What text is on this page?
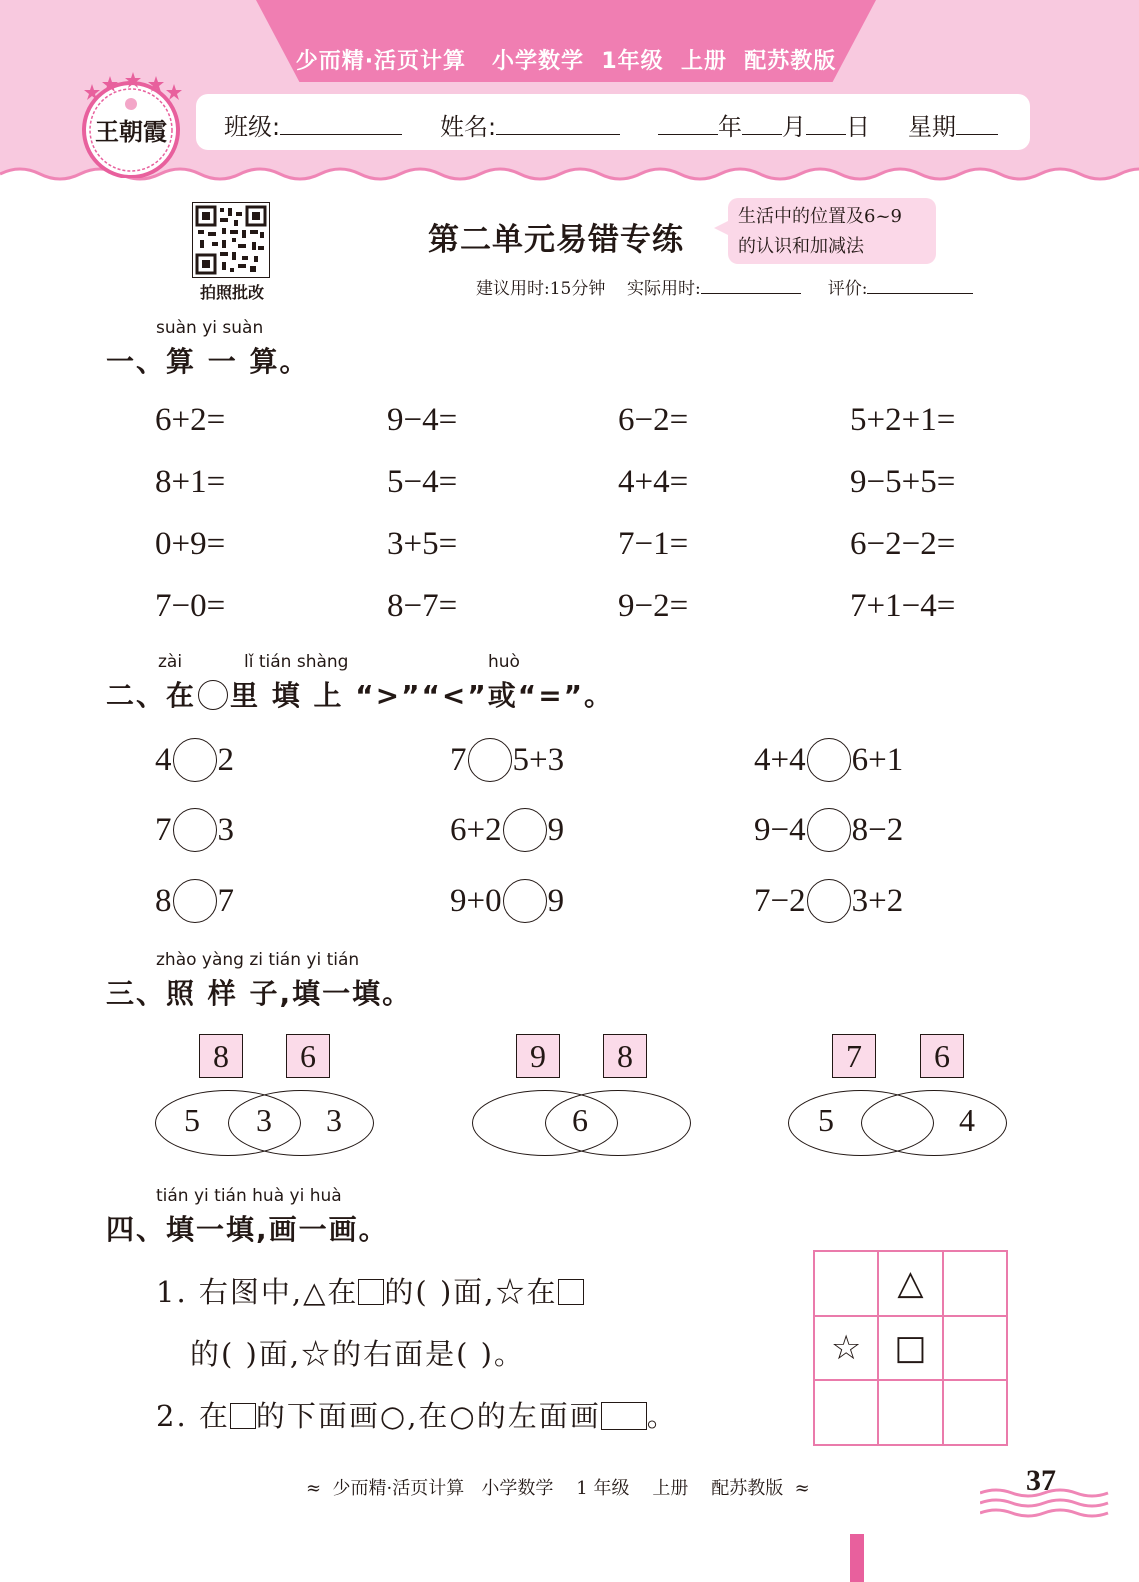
少而精·活页计算   小学数学  1年级  上册  配苏教版
班级:	姓名:	年 月 日 星期
王朝霞
拍照批改
第二单元易错专练
生活中的位置及6~9
的认识和加减法
建议用时:15分钟 实际用时:	评价:
suàn yi suàn
一、算 一 算。
6+2=	9−4=	6−2=	5+2+1=
8+1=	5−4=	4+4=	9−5+5=
0+9=	3+5=	7−1=	6−2−2=
7−0=	8−7=	9−2=	7+1−4=
zài	lǐ tián shàng	huò
二、在 里 填 上 “>”“<”或“=”。
4 2	7 5+3	4+4 6+1
7 3	6+2 9	9−4 8−2
8 7	9+0 9	7−2 3+2
zhào yàng zi tián yi tián
三、照 样 子,填一填。
8	6
5 3 3
9	8
6
7	6
5	4
tián yi tián huà yi huà
四、填一填,画一画。
1. 右图中,△在 的( )面,☆在
的( )面,☆的右面是( )。
2. 在 的下面画○,在○的左面画 。
△
☆ □
≈  少而精·活页计算   小学数学    1 年级    上册    配苏教版  ≈	37
